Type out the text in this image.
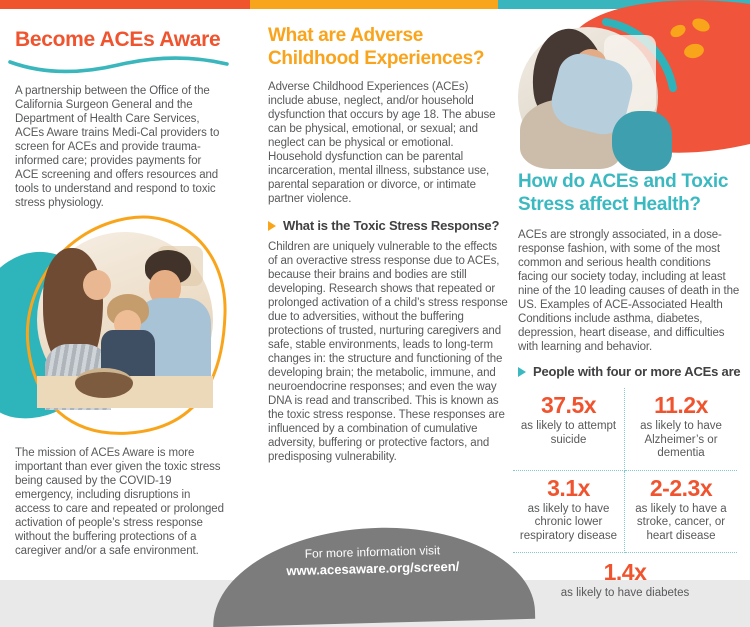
Become ACEs Aware

A partnership between the Office of the California Surgeon General and the Department of Health Care Services, ACEs Aware trains Medi-Cal providers to screen for ACEs and provide trauma-informed care; provides payments for ACE screening and offers resources and tools to understand and respond to toxic stress physiology.

The mission of ACEs Aware is more important than ever given the toxic stress being caused by the COVID-19 emergency, including disruptions in access to care and repeated or prolonged activation of people’s stress response without the buffering protections of a caregiver and/or a safe environment.

What are Adverse Childhood Experiences?

Adverse Childhood Experiences (ACEs) include abuse, neglect, and/or household dysfunction that occurs by age 18. The abuse can be physical, emotional, or sexual; and neglect can be physical or emotional. Household dysfunction can be parental incarceration, mental illness, substance use, parental separation or divorce, or intimate partner violence.

What is the Toxic Stress Response?

Children are uniquely vulnerable to the effects of an overactive stress response due to ACEs, because their brains and bodies are still developing. Research shows that repeated or prolonged activation of a child’s stress response due to adversities, without the buffering protections of trusted, nurturing caregivers and safe, stable environments, leads to long-term changes in: the structure and functioning of the developing brain; the metabolic, immune, and neuroendocrine responses; and even the way DNA is read and transcribed. This is known as the toxic stress response. These responses are influenced by a combination of cumulative adversity, buffering or protective factors, and predisposing vulnerability.

For more information visit
www.acesaware.org/screen/
How do ACEs and Toxic Stress affect Health?

ACEs are strongly associated, in a dose-response fashion, with some of the most common and serious health conditions facing our society today, including at least nine of the 10 leading causes of death in the US. Examples of ACE-Associated Health Conditions include asthma, diabetes, depression, heart disease, and difficulties with learning and behavior.

People with four or more ACEs are
37.5x
as likely to attempt suicide
11.2x
as likely to have Alzheimer’s or dementia
3.1x
as likely to have chronic lower respiratory disease
2-2.3x
as likely to have a stroke, cancer, or heart disease
1.4x
as likely to have diabetes
